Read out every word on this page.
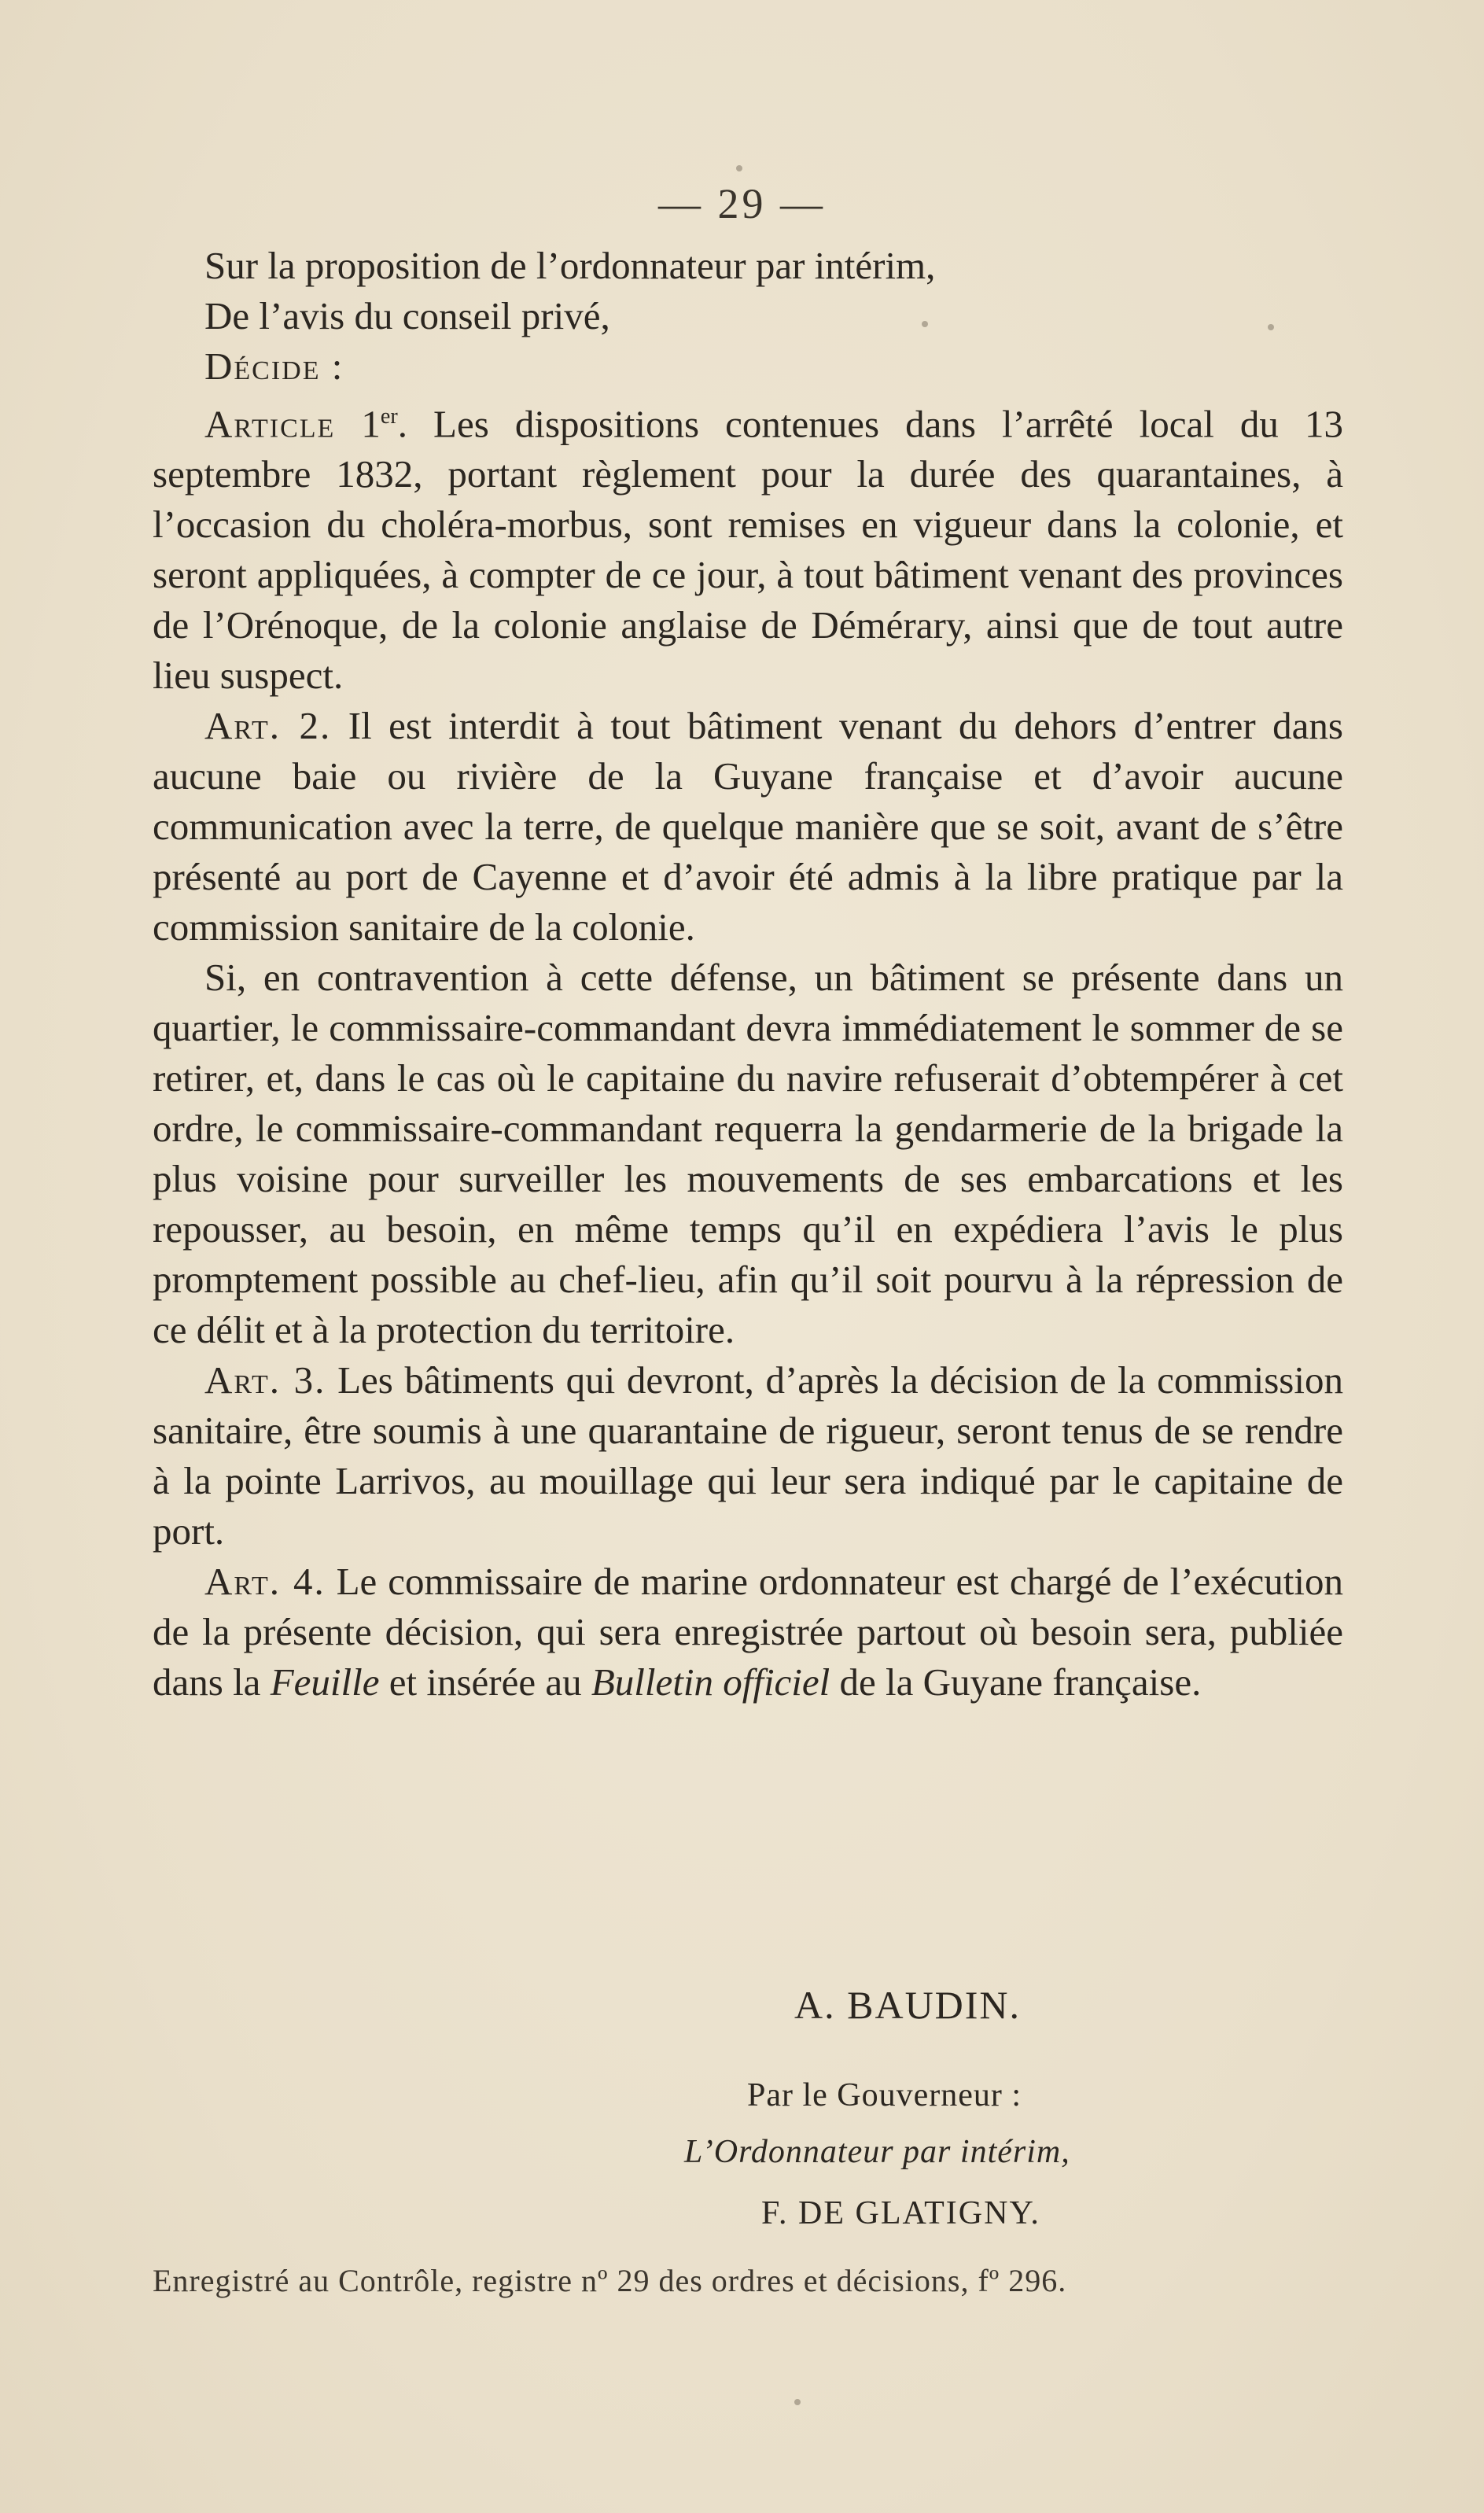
— 29 —

Sur la proposition de l’ordonnateur par intérim,

De l’avis du conseil privé,

Décide :

Article 1er. Les dispositions contenues dans l’arrêté local du 13 septembre 1832, portant règlement pour la durée des quarantaines, à l’occasion du choléra-morbus, sont remises en vigueur dans la colonie, et seront appliquées, à compter de ce jour, à tout bâtiment venant des provinces de l’Orénoque, de la colonie anglaise de Démérary, ainsi que de tout autre lieu suspect.

Art. 2. Il est interdit à tout bâtiment venant du dehors d’entrer dans aucune baie ou rivière de la Guyane française et d’avoir aucune communication avec la terre, de quelque manière que se soit, avant de s’être présenté au port de Cayenne et d’avoir été admis à la libre pratique par la commission sanitaire de la colonie.

Si, en contravention à cette défense, un bâtiment se présente dans un quartier, le commissaire-commandant devra immédiatement le sommer de se retirer, et, dans le cas où le capitaine du navire refuserait d’obtempérer à cet ordre, le commissaire-commandant requerra la gendarmerie de la brigade la plus voisine pour surveiller les mouvements de ses embarcations et les repousser, au besoin, en même temps qu’il en expédiera l’avis le plus promptement possible au chef-lieu, afin qu’il soit pourvu à la répression de ce délit et à la protection du territoire.

Art. 3. Les bâtiments qui devront, d’après la décision de la commission sanitaire, être soumis à une quarantaine de rigueur, seront tenus de se rendre à la pointe Larrivos, au mouillage qui leur sera indiqué par le capitaine de port.

Art. 4. Le commissaire de marine ordonnateur est chargé de l’exécution de la présente décision, qui sera enregistrée partout où besoin sera, publiée dans la Feuille et insérée au Bulletin officiel de la Guyane française.

A. BAUDIN.
Par le Gouverneur :
L’Ordonnateur par intérim,
F. DE GLATIGNY.
Enregistré au Contrôle, registre nº 29 des ordres et décisions, fº 296.
